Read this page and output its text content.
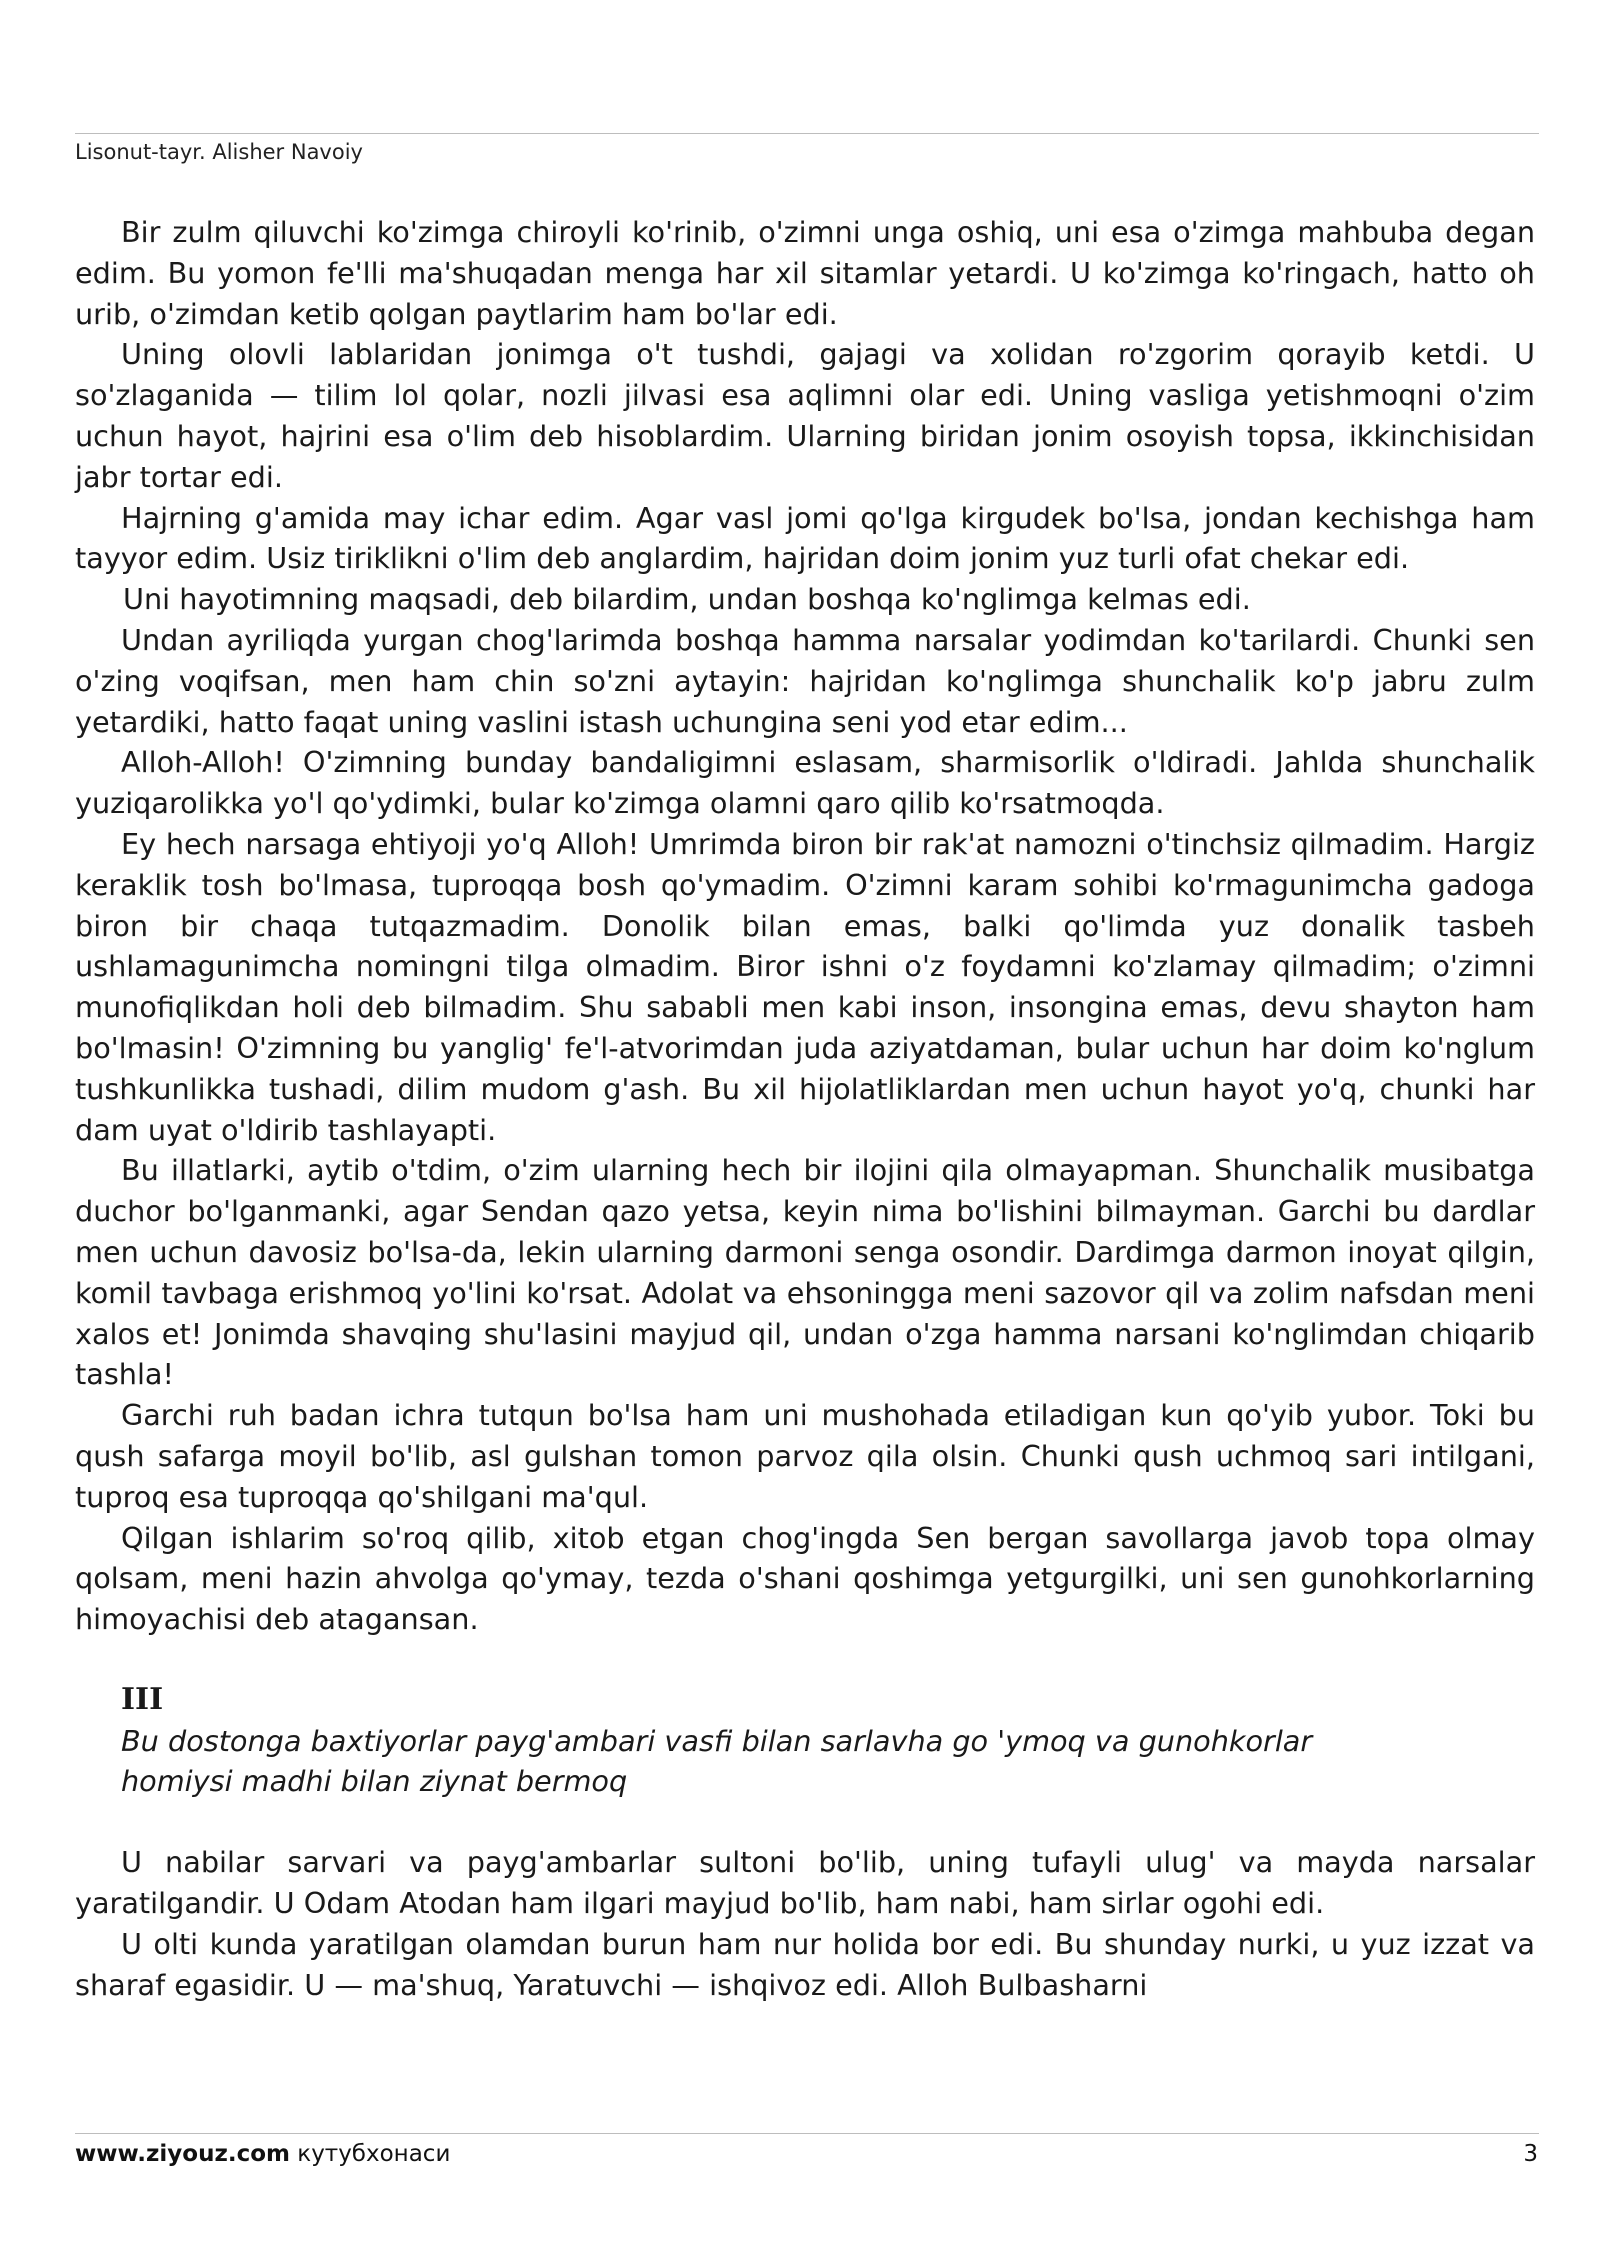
Lisonut-tayr. Alisher Navoiy

Bir zulm qiluvchi ko'zimga chiroyli ko'rinib, o'zimni unga oshiq, uni esa o'zimga mahbuba degan edim. Bu yomon fe'lli ma'shuqadan menga har xil sitamlar yetardi. U ko'zimga ko'ringach, hatto oh urib, o'zimdan ketib qolgan paytlarim ham bo'lar edi.

Uning olovli lablaridan jonimga o't tushdi, gajagi va xolidan ro'zgorim qorayib ketdi. U so'zlaganida — tilim lol qolar, nozli jilvasi esa aqlimni olar edi. Uning vasliga yetishmoqni o'zim uchun hayot, hajrini esa o'lim deb hisoblardim. Ularning biridan jonim osoyish topsa, ikkinchisidan jabr tortar edi.

Hajrning g'amida may ichar edim. Agar vasl jomi qo'lga kirgudek bo'lsa, jondan kechishga ham tayyor edim. Usiz tiriklikni o'lim deb anglardim, hajridan doim jonim yuz turli ofat chekar edi.

Uni hayotimning maqsadi, deb bilardim, undan boshqa ko'nglimga kelmas edi.

Undan ayriliqda yurgan chog'larimda boshqa hamma narsalar yodimdan ko'tarilardi. Chunki sen o'zing voqifsan, men ham chin so'zni aytayin: hajridan ko'nglimga shunchalik ko'p jabru zulm yetardiki, hatto faqat uning vaslini istash uchungina seni yod etar edim...

Alloh-Alloh! O'zimning bunday bandaligimni eslasam, sharmisorlik o'ldiradi. Jahlda shunchalik yuziqarolikka yo'l qo'ydimki, bular ko'zimga olamni qaro qilib ko'rsatmoqda.

Ey hech narsaga ehtiyoji yo'q Alloh! Umrimda biron bir rak'at namozni o'tinchsiz qilmadim. Hargiz keraklik tosh bo'lmasa, tuproqqa bosh qo'ymadim. O'zimni karam sohibi ko'rmagunimcha gadoga biron bir chaqa tutqazmadim. Donolik bilan emas, balki qo'limda yuz donalik tasbeh ushlamagunimcha nomingni tilga olmadim. Biror ishni o'z foydamni ko'zlamay qilmadim; o'zimni munofiqlikdan holi deb bilmadim. Shu sababli men kabi inson, insongina emas, devu shayton ham bo'lmasin! O'zimning bu yanglig' fe'l-atvorimdan juda aziyatdaman, bular uchun har doim ko'nglum tushkunlikka tushadi, dilim mudom g'ash. Bu xil hijolatliklardan men uchun hayot yo'q, chunki har dam uyat o'ldirib tashlayapti.

Bu illatlarki, aytib o'tdim, o'zim ularning hech bir ilojini qila olmayapman. Shunchalik musibatga duchor bo'lganmanki, agar Sendan qazo yetsa, keyin nima bo'lishini bilmayman. Garchi bu dardlar men uchun davosiz bo'lsa-da, lekin ularning darmoni senga osondir. Dardimga darmon inoyat qilgin, komil tavbaga erishmoq yo'lini ko'rsat. Adolat va ehsoningga meni sazovor qil va zolim nafsdan meni xalos et! Jonimda shavqing shu'lasini mayjud qil, undan o'zga hamma narsani ko'nglimdan chiqarib tashla!

Garchi ruh badan ichra tutqun bo'lsa ham uni mushohada etiladigan kun qo'yib yubor. Toki bu qush safarga moyil bo'lib, asl gulshan tomon parvoz qila olsin. Chunki qush uchmoq sari intilgani, tuproq esa tuproqqa qo'shilgani ma'qul.

Qilgan ishlarim so'roq qilib, xitob etgan chog'ingda Sen bergan savollarga javob topa olmay qolsam, meni hazin ahvolga qo'ymay, tezda o'shani qoshimga yetgurgilki, uni sen gunohkorlarning himoyachisi deb atagansan.

III

Bu dostonga baxtiyorlar payg'ambari vasfi bilan sarlavha go 'ymoq va gunohkorlar

homiysi madhi bilan ziynat bermoq

U nabilar sarvari va payg'ambarlar sultoni bo'lib, uning tufayli ulug' va mayda narsalar yaratilgandir. U Odam Atodan ham ilgari mayjud bo'lib, ham nabi, ham sirlar ogohi edi.

U olti kunda yaratilgan olamdan burun ham nur holida bor edi. Bu shunday nurki, u yuz izzat va sharaf egasidir. U — ma'shuq, Yaratuvchi — ishqivoz edi. Alloh Bulbasharni

www.ziyouz.com кутубхонаси	3
